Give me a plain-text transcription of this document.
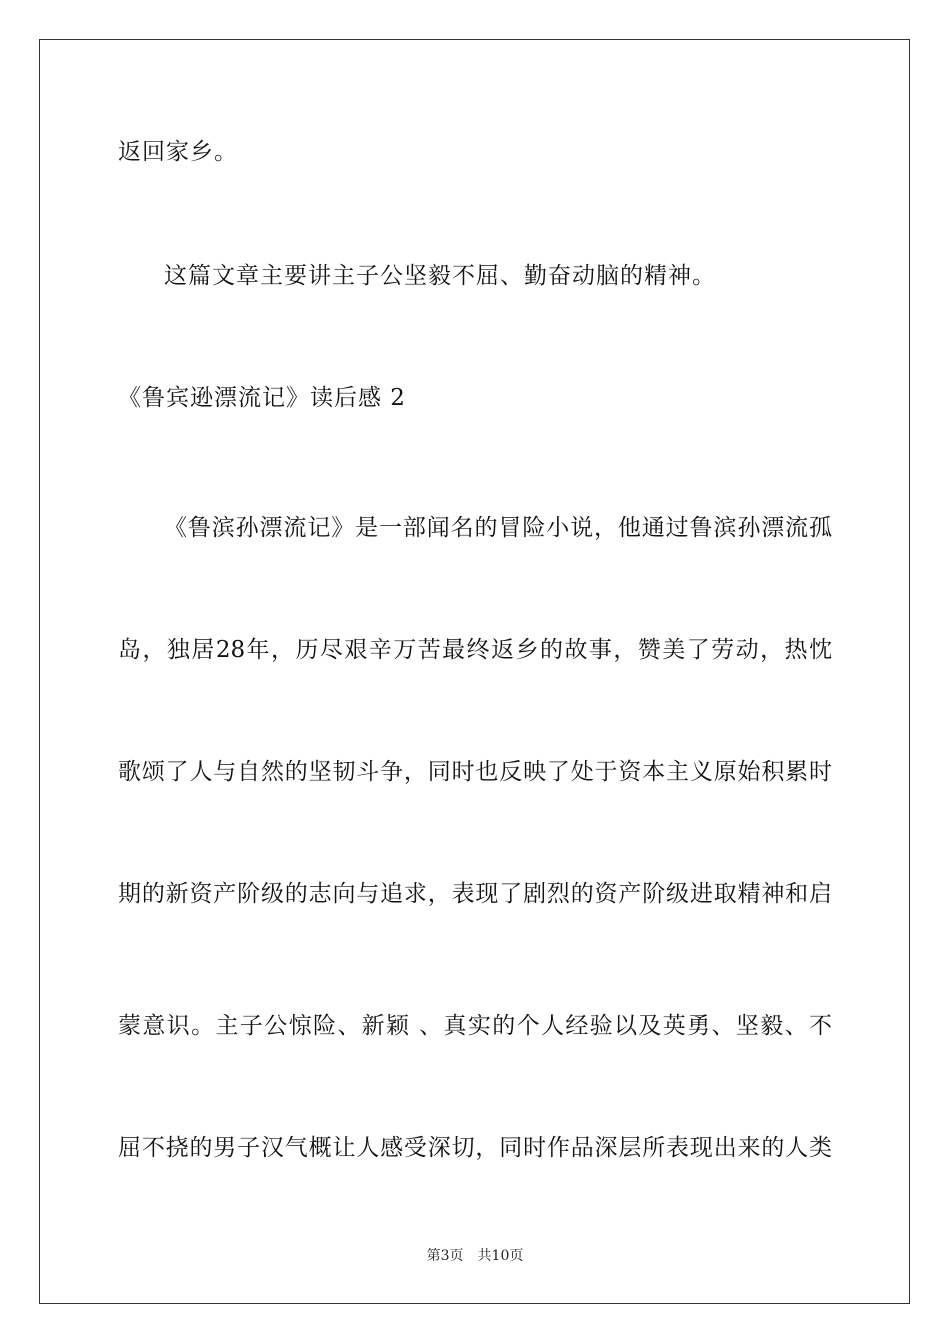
返回家乡。
这篇文章主要讲主子公坚毅不屈、勤奋动脑的精神。
《鲁宾逊漂流记》读后感 2
《鲁滨孙漂流记》是一部闻名的冒险小说，他通过鲁滨孙漂流孤
岛，独居28年，历尽艰辛万苦最终返乡的故事，赞美了劳动，热忱
歌颂了人与自然的坚韧斗争，同时也反映了处于资本主义原始积累时
期的新资产阶级的志向与追求，表现了剧烈的资产阶级进取精神和启
蒙意识。主子公惊险、新颖 、真实的个人经验以及英勇、坚毅、不
屈不挠的男子汉气概让人感受深切，同时作品深层所表现出来的人类
第3页 共10页
